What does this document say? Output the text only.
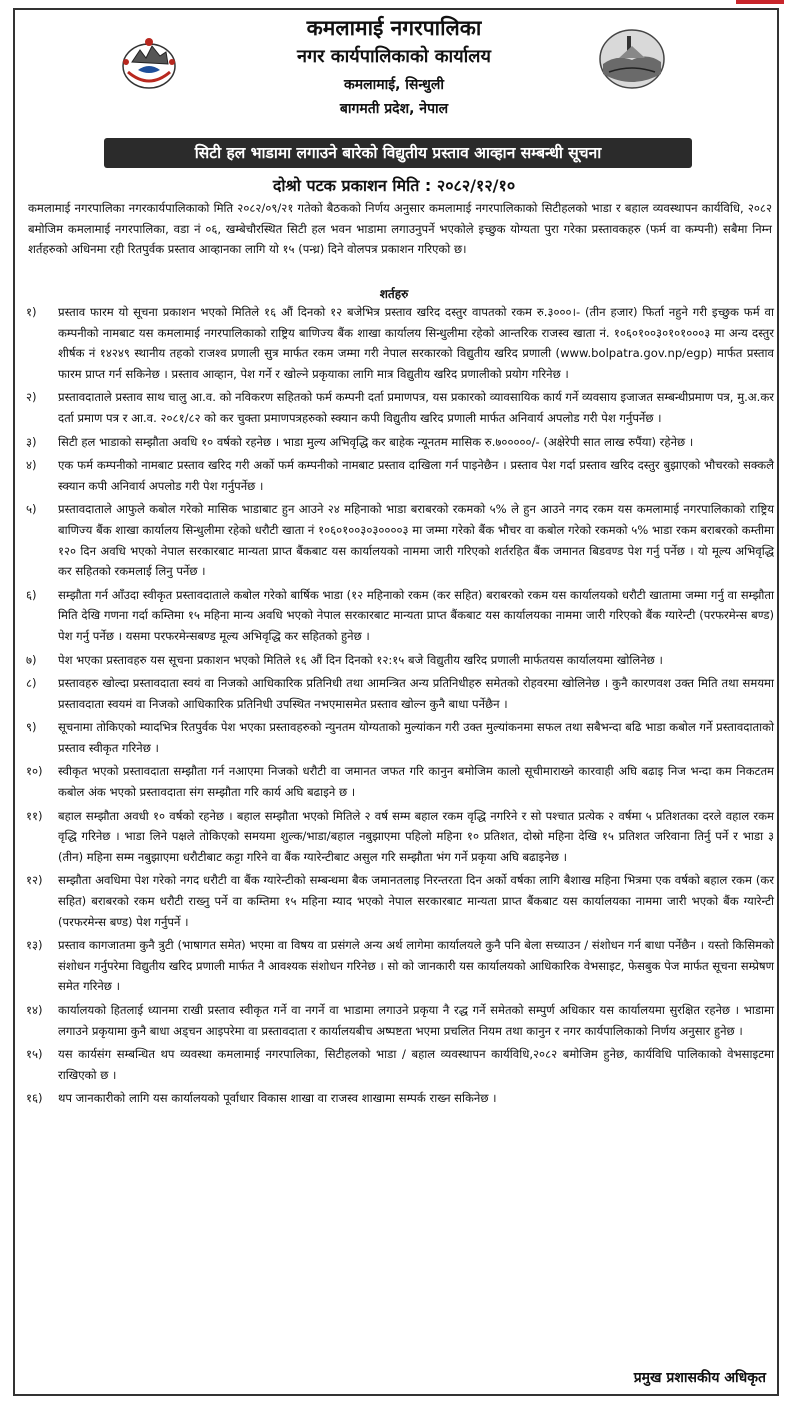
कमलामाई नगरपालिका
नगर कार्यपालिकाको कार्यालय
कमलामाई, सिन्धुली
बागमती प्रदेश, नेपाल
सिटी हल भाडामा लगाउने बारेको विद्युतीय प्रस्ताव आव्हान सम्बन्धी सूचना
दोश्रो पटक प्रकाशन मिति : २०८२/१२/१०
कमलामाई नगरपालिका नगरकार्यपालिकाको मिति २०८२/०९/२१ गतेको बैठकको निर्णय अनुसार कमलामाई नगरपालिकाको सिटीहलको भाडा र बहाल व्यवस्थापन कार्यविधि, २०८२ बमोजिम कमलामाई नगरपालिका, वडा नं ०६, खम्बेचौरस्थित सिटी हल भवन भाडामा लगाउनुपर्ने भएकोले इच्छुक योग्यता पुरा गरेका प्रस्तावकहरु (फर्म वा कम्पनी) सबैमा निम्न शर्तहरुको अधिनमा रही रितपुर्वक प्रस्ताव आव्हानका लागि यो १५ (पन्ध्र) दिने वोलपत्र प्रकाशन गरिएको छ।
शर्तहरु
१)	प्रस्ताव फारम यो सूचना प्रकाशन भएको मितिले १६ औं दिनको १२ बजेभित्र प्रस्ताव खरिद दस्तुर वापतको रकम रु.३०००।- (तीन हजार) फिर्ता नहुने गरी इच्छुक फर्म वा कम्पनीको नामबाट यस कमलामाई नगरपालिकाको राष्ट्रिय बाणिज्य बैंक शाखा कार्यालय सिन्धुलीमा रहेको आन्तरिक राजस्व खाता नं. १०६०१००३०१०१०००३ मा अन्य दस्तुर शीर्षक नं १४२४९ स्थानीय तहको राजश्व प्रणाली सुत्र मार्फत रकम जम्मा गरी नेपाल सरकारको विद्युतीय खरिद प्रणाली (www.bolpatra.gov.np/egp) मार्फत प्रस्ताव फारम प्राप्त गर्न सकिनेछ । प्रस्ताव आव्हान, पेश गर्ने र खोल्ने प्रकृयाका लागि मात्र विद्युतीय खरिद प्रणालीको प्रयोग गरिनेछ ।
२)	प्रस्तावदाताले प्रस्ताव साथ चालु आ.व. को नविकरण सहितको फर्म कम्पनी दर्ता प्रमाणपत्र, यस प्रकारको व्यावसायिक कार्य गर्ने व्यवसाय इजाजत सम्बन्धीप्रमाण पत्र, मु.अ.कर दर्ता प्रमाण पत्र र आ.व. २०८१/८२ को कर चुक्ता प्रमाणपत्रहरुको स्क्यान कपी विद्युतीय खरिद प्रणाली मार्फत अनिवार्य अपलोड गरी पेश गर्नुपर्नेछ ।
३)	सिटी हल भाडाको सम्झौता अवधि १० वर्षको रहनेछ । भाडा मुल्य अभिवृद्धि कर बाहेक न्यूनतम मासिक रु.७०००००/- (अक्षेरेपी सात लाख रुपैंया) रहेनेछ ।
४)	एक फर्म कम्पनीको नामबाट प्रस्ताव खरिद गरी अर्को फर्म कम्पनीको नामबाट प्रस्ताव दाखिला गर्न पाइनेछैन । प्रस्ताव पेश गर्दा प्रस्ताव खरिद दस्तुर बुझाएको भौचरको सक्कलै स्क्यान कपी अनिवार्य अपलोड गरी पेश गर्नुपर्नेछ ।
५)	प्रस्तावदाताले आफुले कबोल गरेको मासिक भाडाबाट हुन आउने २४ महिनाको भाडा बराबरको रकमको ५% ले हुन आउने नगद रकम यस कमलामाई नगरपालिकाको राष्ट्रिय बाणिज्य बैंक शाखा कार्यालय सिन्धुलीमा रहेको धरौटी खाता नं १०६०१००३०३००००३ मा जम्मा गरेको बैंक भौचर वा कबोल गरेको रकमको ५% भाडा रकम बराबरको कम्तीमा १२० दिन अवधि भएको नेपाल सरकारबाट मान्यता प्राप्त बैंकबाट यस कार्यालयको नाममा जारी गरिएको शर्तरहित बैंक जमानत बिडवण्ड पेश गर्नु पर्नेछ । यो मूल्य अभिवृद्धि कर सहितको रकमलाई लिनु पर्नेछ ।
६)	सम्झौता गर्न आँउदा स्वीकृत प्रस्तावदाताले कबोल गरेको बार्षिक भाडा (१२ महिनाको रकम (कर सहित) बराबरको रकम यस कार्यालयको धरौटी खातामा जम्मा गर्नु वा सम्झौता मिति देखि गणना गर्दा कम्तिमा १५ महिना मान्य अवधि भएको नेपाल सरकारबाट मान्यता प्राप्त बैंकबाट यस कार्यालयका नाममा जारी गरिएको बैंक ग्यारेन्टी (परफरमेन्स बण्ड) पेश गर्नु पर्नेछ । यसमा परफरमेन्सबण्ड मूल्य अभिवृद्धि कर सहितको हुनेछ ।
७)	पेश भएका प्रस्तावहरु यस सूचना प्रकाशन भएको मितिले १६ औं दिन दिनको १२:१५ बजे विद्युतीय खरिद प्रणाली मार्फतयस कार्यालयमा खोलिनेछ ।
८)	प्रस्तावहरु खोल्दा प्रस्तावदाता स्वयं वा निजको आधिकारिक प्रतिनिधी तथा आमन्त्रित अन्य प्रतिनिधीहरु समेतको रोहवरमा खोलिनेछ । कुनै कारणवश उक्त मिति तथा समयमा प्रस्तावदाता स्वयमं वा निजको आधिकारिक प्रतिनिधी उपस्थित नभएमासमेत प्रस्ताव खोल्न कुनै बाधा पर्नेछैन ।
९)	सूचनामा तोकिएको म्यादभित्र रितपुर्वक पेश भएका प्रस्तावहरुको न्युनतम योग्यताको मुल्यांकन गरी उक्त मुल्यांकनमा सफल तथा सबैभन्दा बढि भाडा कबोल गर्ने प्रस्तावदाताको प्रस्ताव स्वीकृत गरिनेछ ।
१०)	स्वीकृत भएको प्रस्तावदाता सम्झौता गर्न नआएमा निजको धरौटी वा जमानत जफत गरि कानुन बमोजिम कालो सूचीमाराख्ने कारवाही अघि बढाइ निज भन्दा कम निकटतम कबोल अंक भएको प्रस्तावदाता संग सम्झौता गरि कार्य अघि बढाइने छ ।
११)	बहाल सम्झौता अवधी १० वर्षको रहनेछ । बहाल सम्झौता भएको मितिले २ वर्ष सम्म बहाल रकम वृद्धि नगरिने र सो पश्चात प्रत्येक २ वर्षमा ५ प्रतिशतका दरले वहाल रकम वृद्धि गरिनेछ । भाडा लिने पक्षले तोकिएको समयमा शुल्क/भाडा/बहाल नबुझाएमा पहिलो महिना १० प्रतिशत, दोस्रो महिना देखि १५ प्रतिशत जरिवाना तिर्नु पर्ने र भाडा ३ (तीन) महिना सम्म नबुझाएमा धरौटीबाट कट्टा गरिने वा बैंक ग्यारेन्टीबाट असुल गरि सम्झौता भंग गर्ने प्रकृया अघि बढाइनेछ ।
१२)	सम्झौता अवधिमा पेश गरेको नगद धरौटी वा बैंक ग्यारेन्टीको सम्बन्धमा बैक जमानतलाइ निरन्तरता दिन अर्को वर्षका लागि बैशाख महिना भित्रमा एक वर्षको बहाल रकम (कर सहित) बराबरको रकम धरौटी राख्नु पर्ने वा कम्तिमा १५ महिना म्याद भएको नेपाल सरकारबाट मान्यता प्राप्त बैंकबाट यस कार्यालयका नाममा जारी भएको बैंक ग्यारेन्टी (परफरमेन्स बण्ड) पेश गर्नुपर्ने ।
१३)	प्रस्ताव कागजातमा कुनै त्रुटी (भाषागत समेत) भएमा वा विषय वा प्रसंगले अन्य अर्थ लागेमा कार्यालयले कुनै पनि बेला सच्याउन / संशोधन गर्न बाधा पर्नेछैन । यस्तो किसिमको संशोधन गर्नुपरेमा विद्युतीय खरिद प्रणाली मार्फत नै आवश्यक संशोधन गरिनेछ । सो को जानकारी यस कार्यालयको आधिकारिक वेभसाइट, फेसबुक पेज मार्फत सूचना सम्प्रेषण समेत गरिनेछ ।
१४)	कार्यालयको हितलाई ध्यानमा राखी प्रस्ताव स्वीकृत गर्ने वा नगर्ने वा भाडामा लगाउने प्रकृया नै रद्ध गर्ने समेतको सम्पुर्ण अधिकार यस कार्यालयमा सुरक्षित रहनेछ । भाडामा लगाउने प्रकृयामा कुनै बाधा अड्चन आइपरेमा वा प्रस्तावदाता र कार्यालयबीच अष्पष्टता भएमा प्रचलित नियम तथा कानुन र नगर कार्यपालिकाको निर्णय अनुसार हुनेछ ।
१५)	यस कार्यसंग सम्बन्धित थप व्यवस्था कमलामाई नगरपालिका, सिटीहलको भाडा / बहाल व्यवस्थापन कार्यविधि,२०८२ बमोजिम हुनेछ, कार्यविधि पालिकाको वेभसाइटमा राखिएको छ ।
१६)	थप जानकारीको लागि यस कार्यालयको पूर्वाधार विकास शाखा वा राजस्व शाखामा सम्पर्क राख्न सकिनेछ ।
प्रमुख प्रशासकीय अधिकृत
